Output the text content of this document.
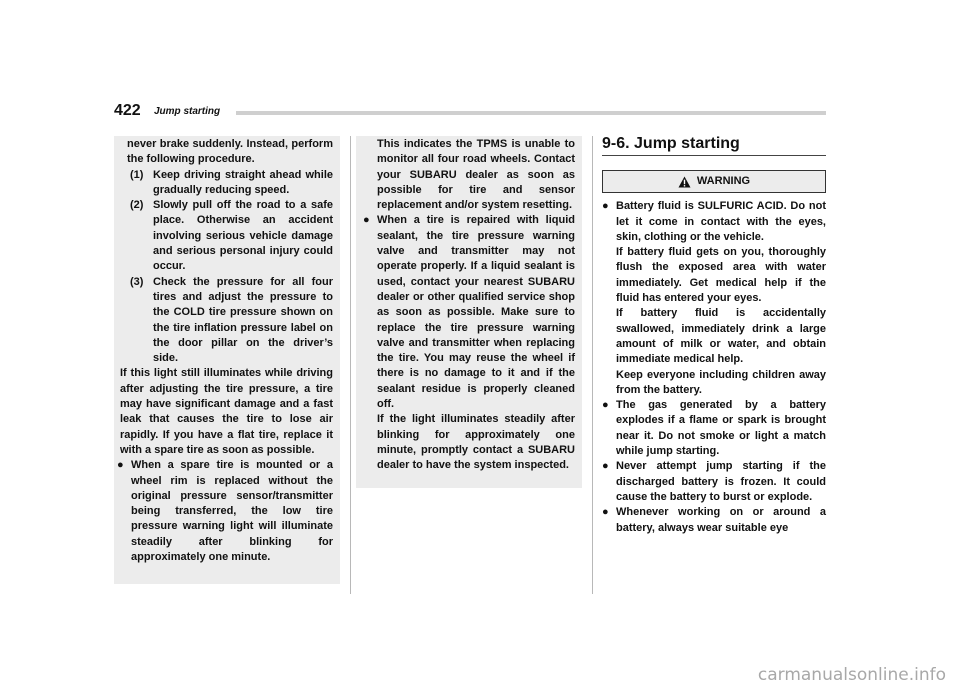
422 Jump starting

never brake suddenly. Instead, perform the following procedure.

(1) Keep driving straight ahead while gradually reducing speed.
(2) Slowly pull off the road to a safe place. Otherwise an accident involving serious vehicle damage and serious personal injury could occur.
(3) Check the pressure for all four tires and adjust the pressure to the COLD tire pressure shown on the tire inflation pressure label on the door pillar on the driver’s side.

If this light still illuminates while driving after adjusting the tire pressure, a tire may have significant damage and a fast leak that causes the tire to lose air rapidly. If you have a flat tire, replace it with a spare tire as soon as possible.

● When a spare tire is mounted or a wheel rim is replaced without the original pressure sensor/transmitter being transferred, the low tire pressure warning light will illuminate steadily after blinking for approximately one minute.

This indicates the TPMS is unable to monitor all four road wheels. Contact your SUBARU dealer as soon as possible for tire and sensor replacement and/or system resetting.

● When a tire is repaired with liquid sealant, the tire pressure warning valve and transmitter may not operate properly. If a liquid sealant is used, contact your nearest SUBARU dealer or other qualified service shop as soon as possible. Make sure to replace the tire pressure warning valve and transmitter when replacing the tire. You may reuse the wheel if there is no damage to it and if the sealant residue is properly cleaned off.

If the light illuminates steadily after blinking for approximately one minute, promptly contact a SUBARU dealer to have the system inspected.

9-6. Jump starting
WARNING
● Battery fluid is SULFURIC ACID. Do not let it come in contact with the eyes, skin, clothing or the vehicle.

If battery fluid gets on you, thoroughly flush the exposed area with water immediately. Get medical help if the fluid has entered your eyes.

If battery fluid is accidentally swallowed, immediately drink a large amount of milk or water, and obtain immediate medical help.

Keep everyone including children away from the battery.

● The gas generated by a battery explodes if a flame or spark is brought near it. Do not smoke or light a match while jump starting.
● Never attempt jump starting if the discharged battery is frozen. It could cause the battery to burst or explode.
● Whenever working on or around a battery, always wear suitable eye
carmanualsonline.info
